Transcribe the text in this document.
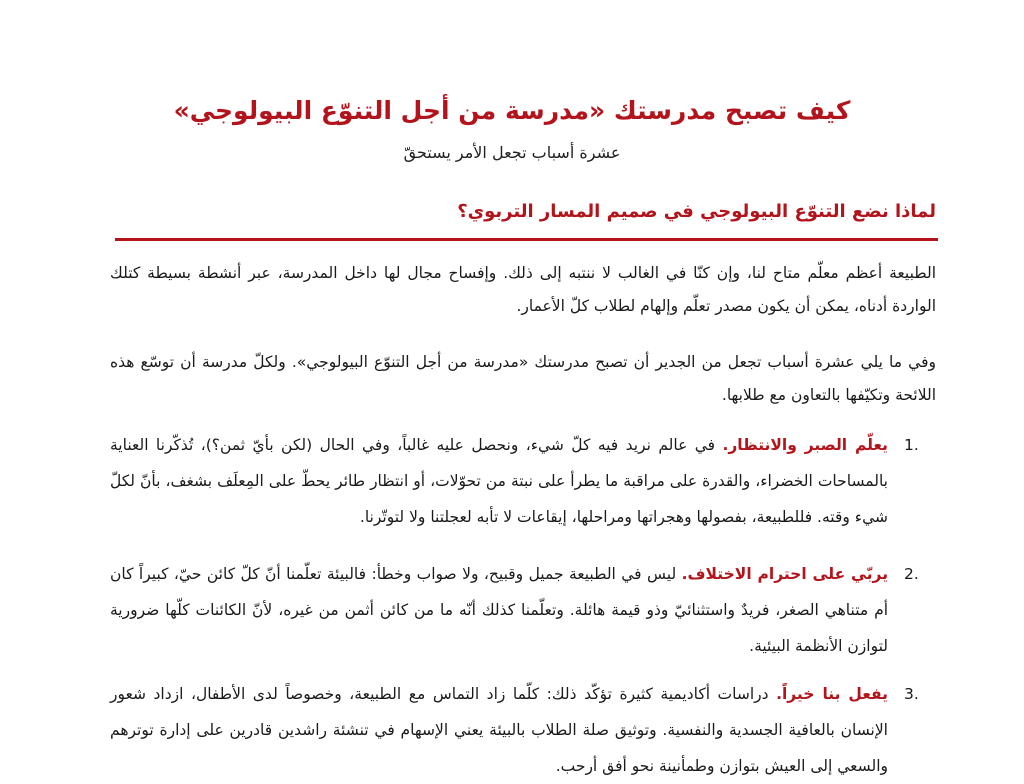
كيف تصبح مدرستك «مدرسة من أجل التنوّع البيولوجي»

عشرة أسباب تجعل الأمر يستحقّ

لماذا نضع التنوّع البيولوجي في صميم المسار التربوي؟

الطبيعة أعظم معلّم متاح لنا، وإن كنّا في الغالب لا ننتبه إلى ذلك. وإفساح مجال لها داخل المدرسة، عبر أنشطة بسيطة كتلك الواردة أدناه، يمكن أن يكون مصدر تعلّم وإلهام لطلاب كلّ الأعمار.

وفي ما يلي عشرة أسباب تجعل من الجدير أن تصبح مدرستك «مدرسة من أجل التنوّع البيولوجي». ولكلّ مدرسة أن توسّع هذه اللائحة وتكيّفها بالتعاون مع طلابها.

1.
يعلّم الصبر والانتظار. في عالم نريد فيه كلّ شيء، ونحصل عليه غالباً، وفي الحال (لكن بأيّ ثمن؟)، تُذكّرنا العناية بالمساحات الخضراء، والقدرة على مراقبة ما يطرأ على نبتة من تحوّلات، أو انتظار طائر يحطّ على المِعلَف بشغف، بأنّ لكلّ شيء وقته. فللطبيعة، بفصولها وهجراتها ومراحلها، إيقاعات لا تأبه لعجلتنا ولا لتوتّرنا.
2.
يربّي على احترام الاختلاف. ليس في الطبيعة جميل وقبيح، ولا صواب وخطأ: فالبيئة تعلّمنا أنّ كلّ كائن حيّ، كبيراً كان أم متناهي الصغر، فريدٌ واستثنائيّ وذو قيمة هائلة. وتعلّمنا كذلك أنّه ما من كائن أثمن من غيره، لأنّ الكائنات كلّها ضرورية لتوازن الأنظمة البيئية.
3.
يفعل بنا خيراً. دراسات أكاديمية كثيرة تؤكّد ذلك: كلّما زاد التماس مع الطبيعة، وخصوصاً لدى الأطفال، ازداد شعور الإنسان بالعافية الجسدية والنفسية. وتوثيق صلة الطلاب بالبيئة يعني الإسهام في تنشئة راشدين قادرين على إدارة توترهم والسعي إلى العيش بتوازن وطمأنينة نحو أفق أرحب.
